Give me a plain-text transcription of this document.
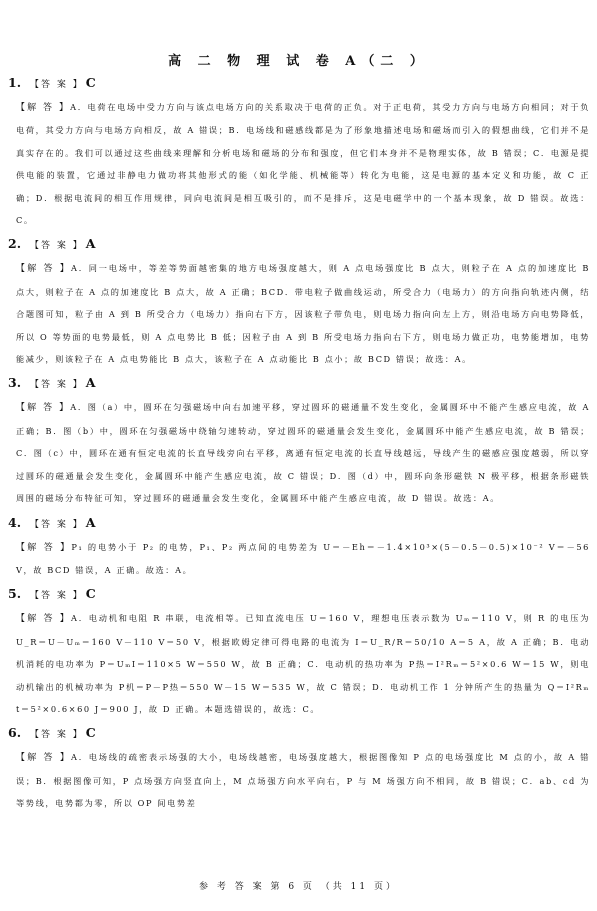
高 二 物 理 试 卷 A（二 ）
1. 【答 案 】 C
【解 答 】A．电荷在电场中受力方向与该点电场方向的关系取决于电荷的正负。对于正电荷，其受力方向与电场方向相同；对于负电荷，其受力方向与电场方向相反，故 A 错误；B．电场线和磁感线都是为了形象地描述电场和磁场而引入的假想曲线，它们并不是真实存在的。我们可以通过这些曲线来理解和分析电场和磁场的分布和强度，但它们本身并不是物理实体，故 B 错误；C．电源是提供电能的装置，它通过非静电力做功将其他形式的能（如化学能、机械能等）转化为电能，这是电源的基本定义和功能，故 C 正确；D．根据电流间的相互作用规律，同向电流间是相互吸引的，而不是排斥，这是电磁学中的一个基本现象，故 D 错误。故选：C。
2. 【答 案 】 A
【解 答 】A．同一电场中，等差等势面越密集的地方电场强度越大，则 A 点电场强度比 B 点大，则粒子在 A 点的加速度比 B 点大，则粒子在 A 点的加速度比 B 点大，故 A 正确；BCD．带电粒子做曲线运动，所受合力（电场力）的方向指向轨迹内侧，结合题图可知，粒子由 A 到 B 所受合力（电场力）指向右下方，因该粒子带负电，则电场力指向向左上方，则沿电场方向电势降低，所以 O 等势面的电势最低，则 A 点电势比 B 低；因粒子由 A 到 B 所受电场力指向右下方，则电场力做正功，电势能增加，电势能减少，则该粒子在 A 点电势能比 B 点大，该粒子在 A 点动能比 B 点小；故 BCD 错误；故选：A。
3. 【答 案 】 A
【解 答 】A．图（a）中，圆环在匀强磁场中向右加速平移，穿过圆环的磁通量不发生变化，金属圆环中不能产生感应电流，故 A 正确；B．图（b）中，圆环在匀强磁场中绕轴匀速转动，穿过圆环的磁通量会发生变化，金属圆环中能产生感应电流，故 B 错误；C．图（c）中，圆环在通有恒定电流的长直导线旁向右平移，离通有恒定电流的长直导线越远，导线产生的磁感应强度越弱，所以穿过圆环的磁通量会发生变化，金属圆环中能产生感应电流，故 C 错误；D．图（d）中，圆环向条形磁铁 N 极平移，根据条形磁铁周围的磁场分布特征可知，穿过圆环的磁通量会发生变化，金属圆环中能产生感应电流，故 D 错误。故选：A。
4. 【答 案 】 A
【解 答 】P₁ 的电势小于 P₂ 的电势，P₁、P₂ 两点间的电势差为 U＝－Eh＝－1.4×10³×(5－0.5－0.5)×10⁻² V＝－56 V，故 BCD 错误，A 正确。故选：A。
5. 【答 案 】 C
【解 答 】A．电动机和电阻 R 串联，电流相等。已知直流电压 U＝160 V，理想电压表示数为 Uₘ＝110 V，则 R 的电压为 U_R＝U－Uₘ＝160 V－110 V＝50 V，根据欧姆定律可得电路的电流为 I＝U_R/R＝50/10 A＝5 A，故 A 正确；B．电动机消耗的电功率为 P＝UₘI＝110×5 W＝550 W，故 B 正确；C．电动机的热功率为 P热＝I²Rₘ＝5²×0.6 W＝15 W，则电动机输出的机械功率为 P机＝P－P热＝550 W－15 W＝535 W，故 C 错误；D．电动机工作 1 分钟所产生的热量为 Q＝I²Rₘt＝5²×0.6×60 J＝900 J，故 D 正确。本题选错误的，故选：C。
6. 【答 案 】 C
【解 答 】A．电场线的疏密表示场强的大小，电场线越密，电场强度越大，根据图像知 P 点的电场强度比 M 点的小，故 A 错误；B．根据图像可知，P 点场强方向竖直向上，M 点场强方向水平向右，P 与 M 场强方向不相同，故 B 错误；C．ab、cd 为等势线，电势都为零，所以 OP 间电势差
参 考 答 案 第 6 页 （共 11 页）
